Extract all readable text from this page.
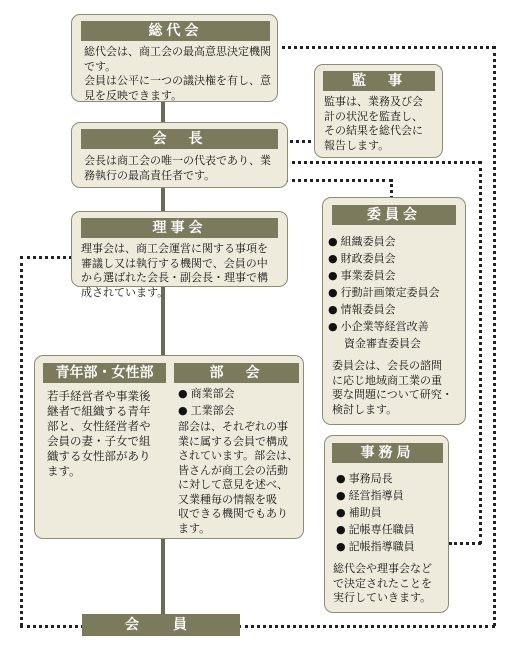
総代会
総代会は、商工会の最高意思決定機関
です。
会員は公平に一つの議決権を有し、意
見を反映できます。
監　事
監事は、業務及び会
計の状況を監査し、
その結果を総代会に
報告します。
会　長
会長は商工会の唯一の代表であり、業
務執行の最高責任者です。
理事会
理事会は、商工会運営に関する事項を
審議し又は執行する機関で、会員の中
から選ばれた会長・副会長・理事で構
成されています。
委員会
● 組織委員会
● 財政委員会
● 事業委員会
● 行動計画策定委員会
● 情報委員会
● 小企業等経営改善
資金審査委員会
委員会は、会長の諮問
に応じ地域商工業の重
要な問題について研究・
検討します。
青年部・女性部
若手経営者や事業後
継者で組織する青年
部と、女性経営者や
会員の妻・子女で組
織する女性部があり
ます。
部　会
● 商業部会
● 工業部会
部会は、それぞれの事
業に属する会員で構成
されています。部会は、
皆さんが商工会の活動
に対して意見を述べ、
又業種毎の情報を吸
収できる機関でもあり
ます。
事務局
● 事務局長
● 経営指導員
● 補助員
● 記帳専任職員
● 記帳指導職員
総代会や理事会など
で決定されたことを
実行していきます。
会　員
